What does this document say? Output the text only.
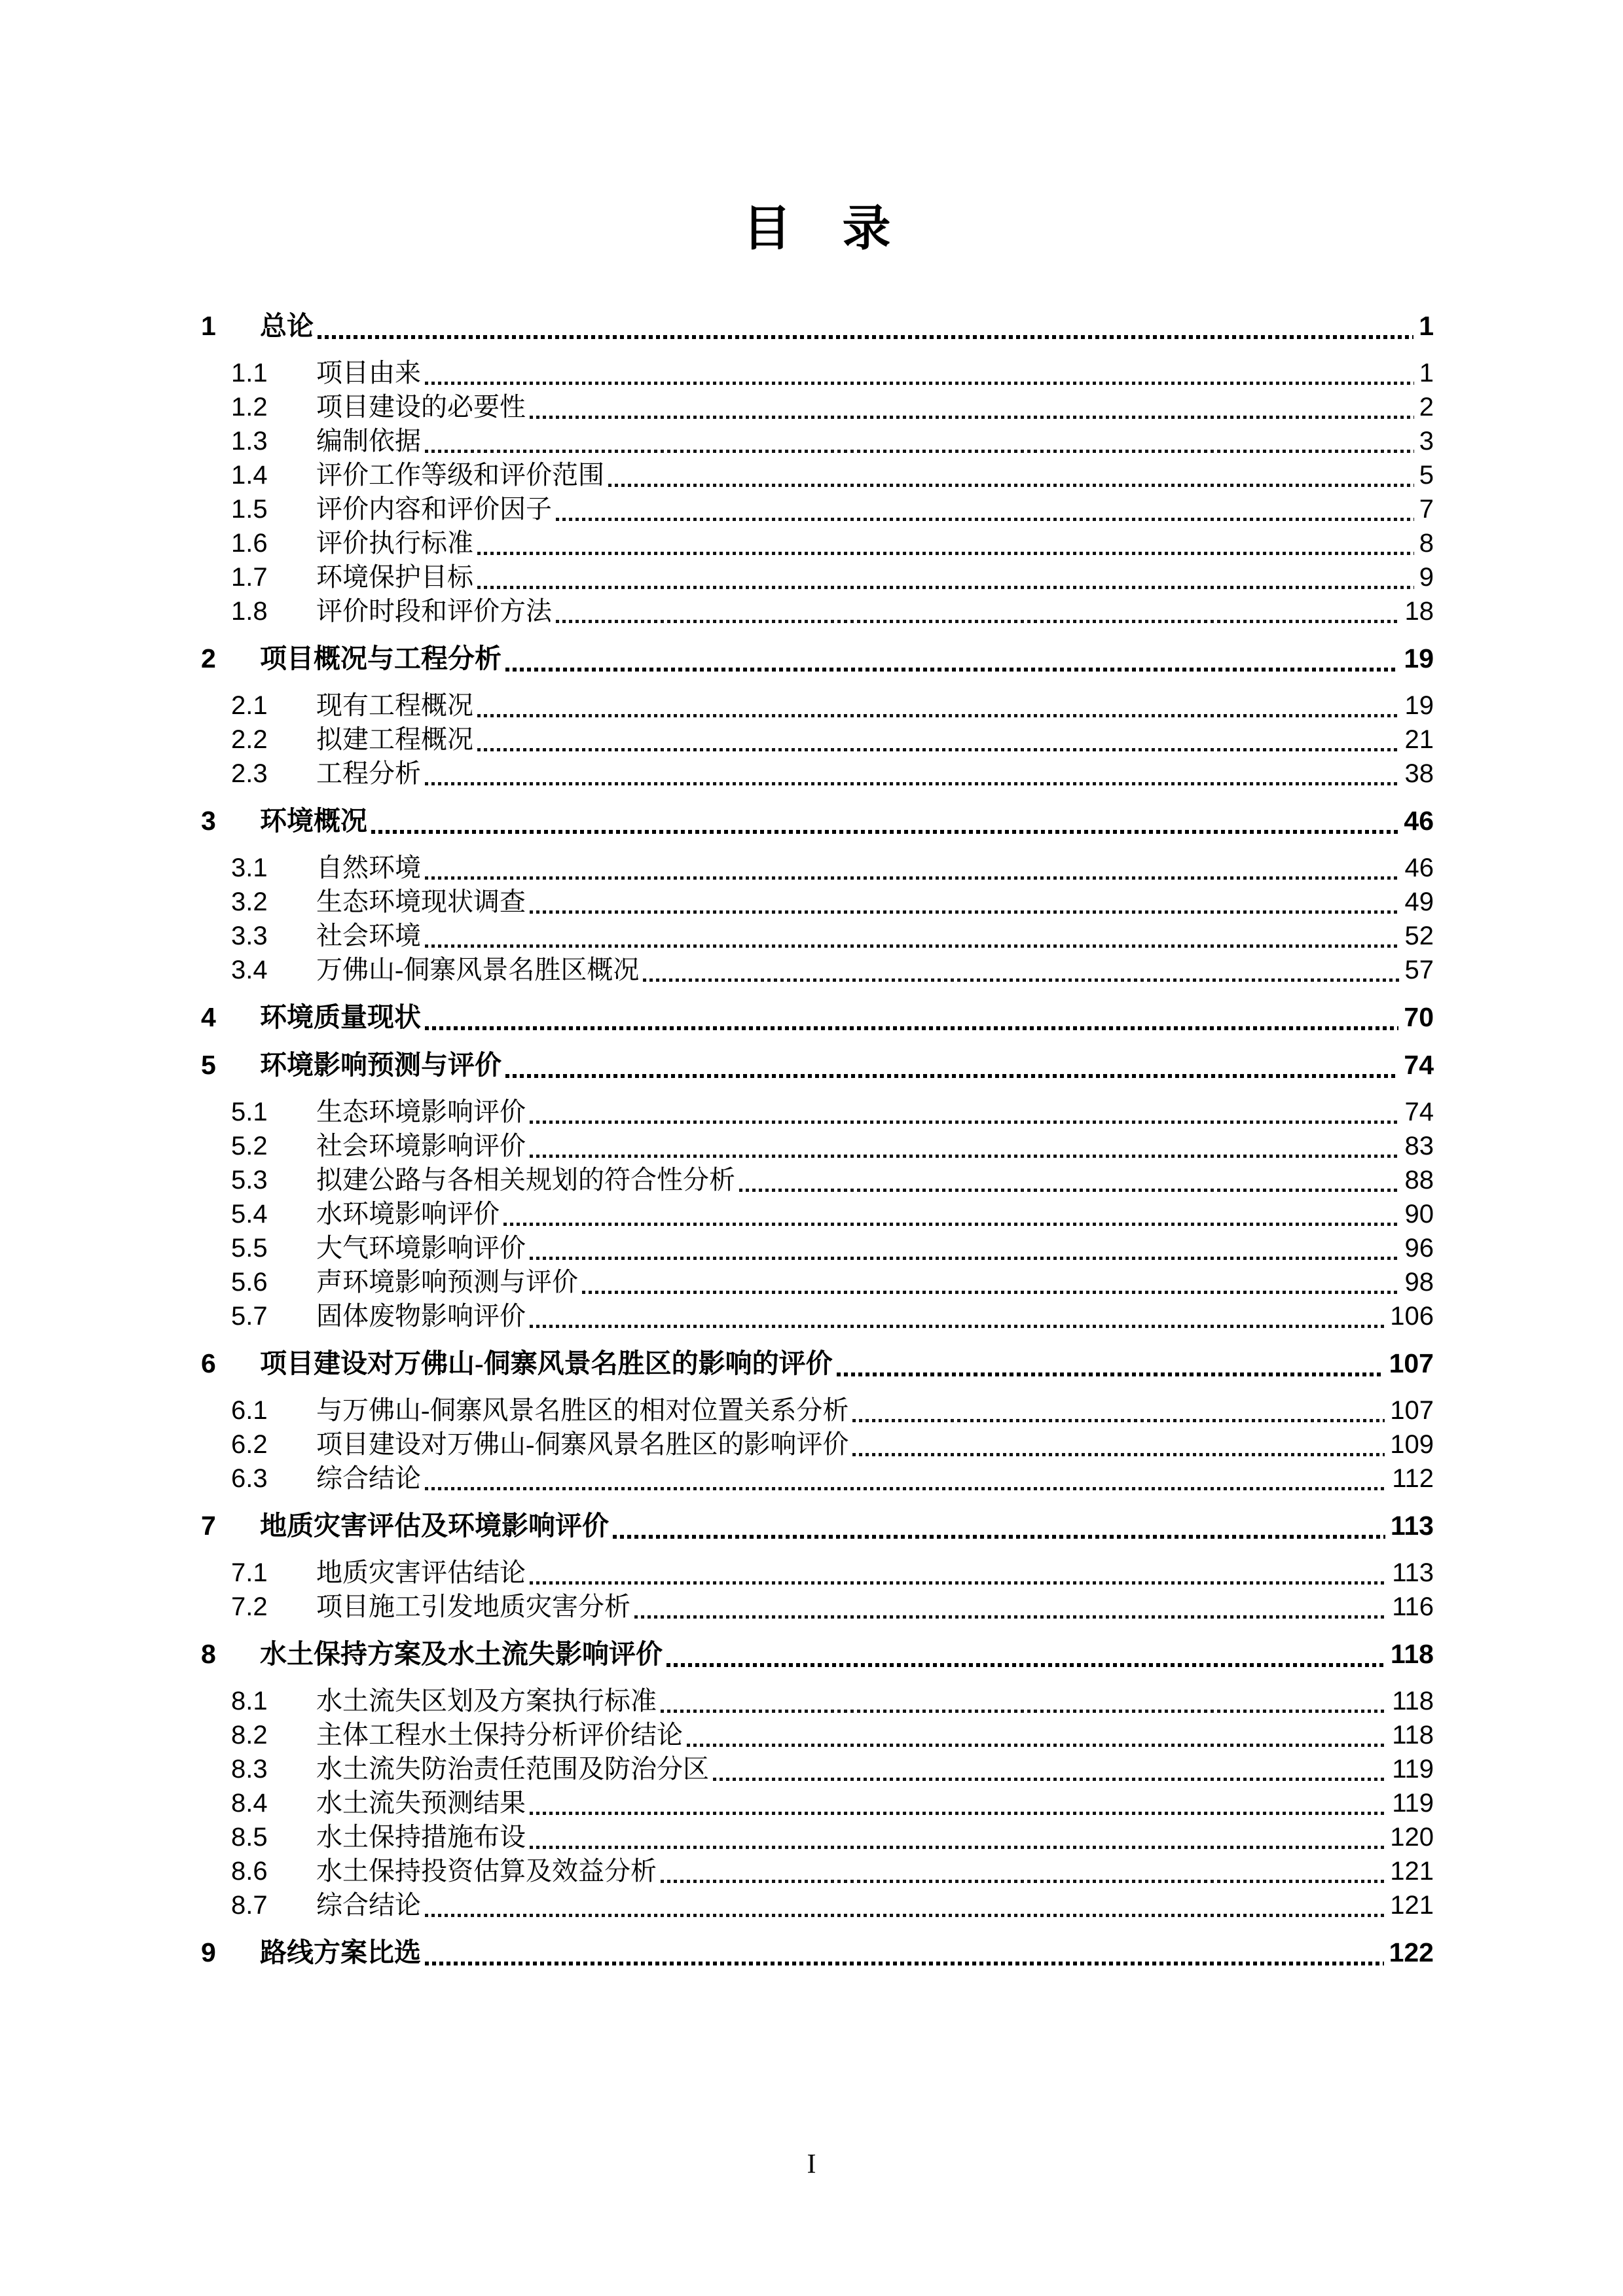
目　录
1	总论	1
1.1	项目由来	1
1.2	项目建设的必要性	2
1.3	编制依据	3
1.4	评价工作等级和评价范围	5
1.5	评价内容和评价因子	7
1.6	评价执行标准	8
1.7	环境保护目标	9
1.8	评价时段和评价方法	18
2	项目概况与工程分析	19
2.1	现有工程概况	19
2.2	拟建工程概况	21
2.3	工程分析	38
3	环境概况	46
3.1	自然环境	46
3.2	生态环境现状调查	49
3.3	社会环境	52
3.4	万佛山-侗寨风景名胜区概况	57
4	环境质量现状	70
5	环境影响预测与评价	74
5.1	生态环境影响评价	74
5.2	社会环境影响评价	83
5.3	拟建公路与各相关规划的符合性分析	88
5.4	水环境影响评价	90
5.5	大气环境影响评价	96
5.6	声环境影响预测与评价	98
5.7	固体废物影响评价	106
6	项目建设对万佛山-侗寨风景名胜区的影响的评价	107
6.1	与万佛山-侗寨风景名胜区的相对位置关系分析	107
6.2	项目建设对万佛山-侗寨风景名胜区的影响评价	109
6.3	综合结论	112
7	地质灾害评估及环境影响评价	113
7.1	地质灾害评估结论	113
7.2	项目施工引发地质灾害分析	116
8	水土保持方案及水土流失影响评价	118
8.1	水土流失区划及方案执行标准	118
8.2	主体工程水土保持分析评价结论	118
8.3	水土流失防治责任范围及防治分区	119
8.4	水土流失预测结果	119
8.5	水土保持措施布设	120
8.6	水土保持投资估算及效益分析	121
8.7	综合结论	121
9	路线方案比选	122
I
